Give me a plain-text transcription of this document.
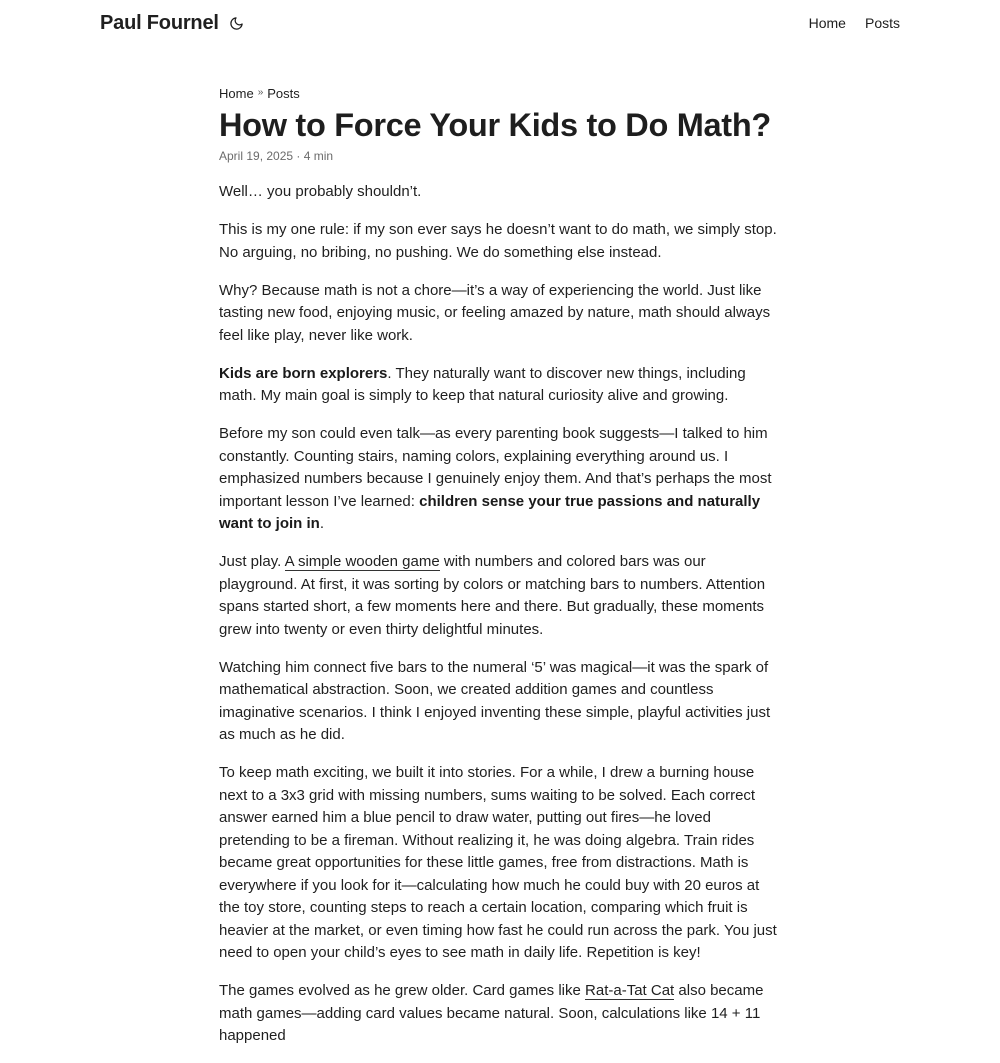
Paul Fournel	Home Posts
Home » Posts
How to Force Your Kids to Do Math?
April 19, 2025 · 4 min

Well… you probably shouldn’t.

This is my one rule: if my son ever says he doesn’t want to do math, we simply stop. No arguing, no bribing, no pushing. We do something else instead.

Why? Because math is not a chore—it’s a way of experiencing the world. Just like tasting new food, enjoying music, or feeling amazed by nature, math should always feel like play, never like work.

Kids are born explorers. They naturally want to discover new things, including math. My main goal is simply to keep that natural curiosity alive and growing.

Before my son could even talk—as every parenting book suggests—I talked to him constantly. Counting stairs, naming colors, explaining everything around us. I emphasized numbers because I genuinely enjoy them. And that’s perhaps the most important lesson I’ve learned: children sense your true passions and naturally want to join in.

Just play. A simple wooden game with numbers and colored bars was our playground. At first, it was sorting by colors or matching bars to numbers. Attention spans started short, a few moments here and there. But gradually, these moments grew into twenty or even thirty delightful minutes.

Watching him connect five bars to the numeral ‘5’ was magical—it was the spark of mathematical abstraction. Soon, we created addition games and countless imaginative scenarios. I think I enjoyed inventing these simple, playful activities just as much as he did.

To keep math exciting, we built it into stories. For a while, I drew a burning house next to a 3x3 grid with missing numbers, sums waiting to be solved. Each correct answer earned him a blue pencil to draw water, putting out fires—he loved pretending to be a fireman. Without realizing it, he was doing algebra. Train rides became great opportunities for these little games, free from distractions. Math is everywhere if you look for it—calculating how much he could buy with 20 euros at the toy store, counting steps to reach a certain location, comparing which fruit is heavier at the market, or even timing how fast he could run across the park. You just need to open your child’s eyes to see math in daily life. Repetition is key!

The games evolved as he grew older. Card games like Rat-a-Tat Cat also became math games—adding card values became natural. Soon, calculations like 14 + 11 happened
